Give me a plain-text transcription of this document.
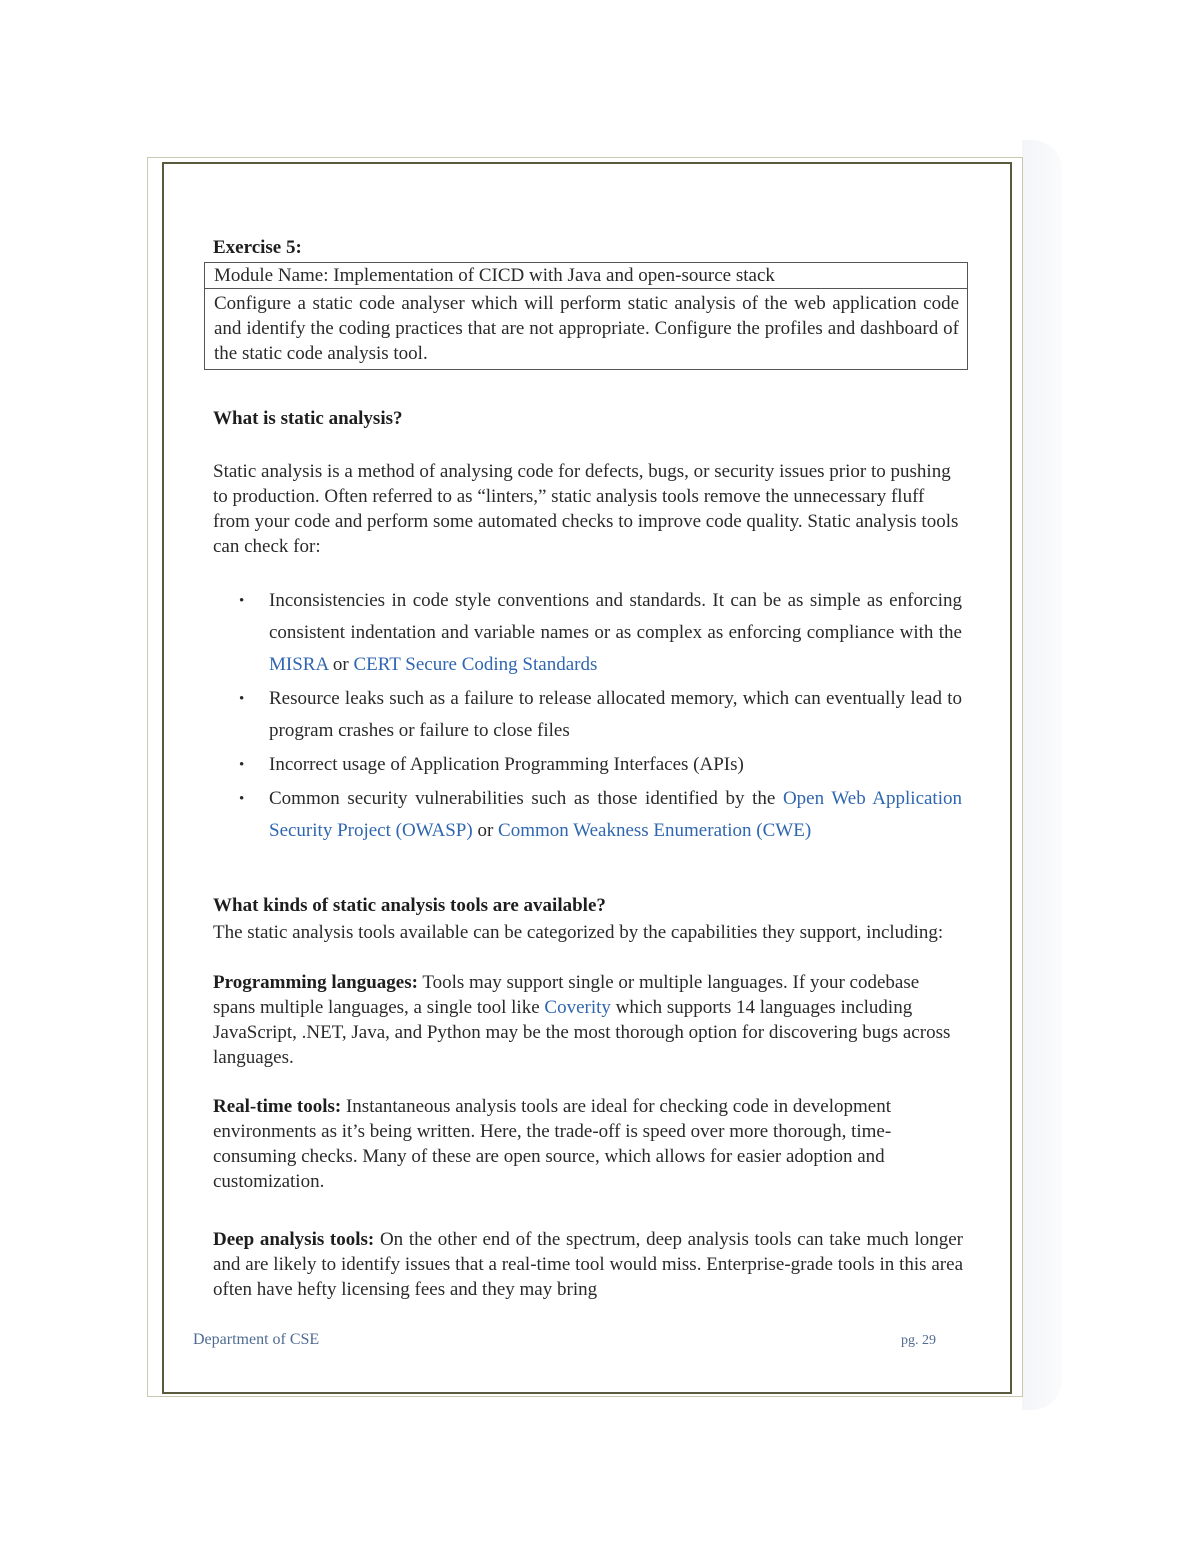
Exercise 5:
Module Name: Implementation of CICD with Java and open-source stack
Configure a static code analyser which will perform static analysis of the web application code and identify the coding practices that are not appropriate. Configure the profiles and dashboard of the static code analysis tool.
What is static analysis?
Static analysis is a method of analysing code for defects, bugs, or security issues prior to pushing to production. Often referred to as “linters,” static analysis tools remove the unnecessary fluff from your code and perform some automated checks to improve code quality. Static analysis tools can check for:
• Inconsistencies in code style conventions and standards. It can be as simple as enforcing consistent indentation and variable names or as complex as enforcing compliance with the MISRA or CERT Secure Coding Standards
• Resource leaks such as a failure to release allocated memory, which can eventually lead to program crashes or failure to close files
• Incorrect usage of Application Programming Interfaces (APIs)
• Common security vulnerabilities such as those identified by the Open Web Application Security Project (OWASP) or Common Weakness Enumeration (CWE)
What kinds of static analysis tools are available?
The static analysis tools available can be categorized by the capabilities they support, including:
Programming languages: Tools may support single or multiple languages. If your codebase spans multiple languages, a single tool like Coverity which supports 14 languages including JavaScript, .NET, Java, and Python may be the most thorough option for discovering bugs across languages.
Real-time tools: Instantaneous analysis tools are ideal for checking code in development environments as it’s being written. Here, the trade-off is speed over more thorough, time-consuming checks. Many of these are open source, which allows for easier adoption and customization.
Deep analysis tools: On the other end of the spectrum, deep analysis tools can take much longer and are likely to identify issues that a real-time tool would miss. Enterprise-grade tools in this area often have hefty licensing fees and they may bring
Department of CSE	pg. 29
